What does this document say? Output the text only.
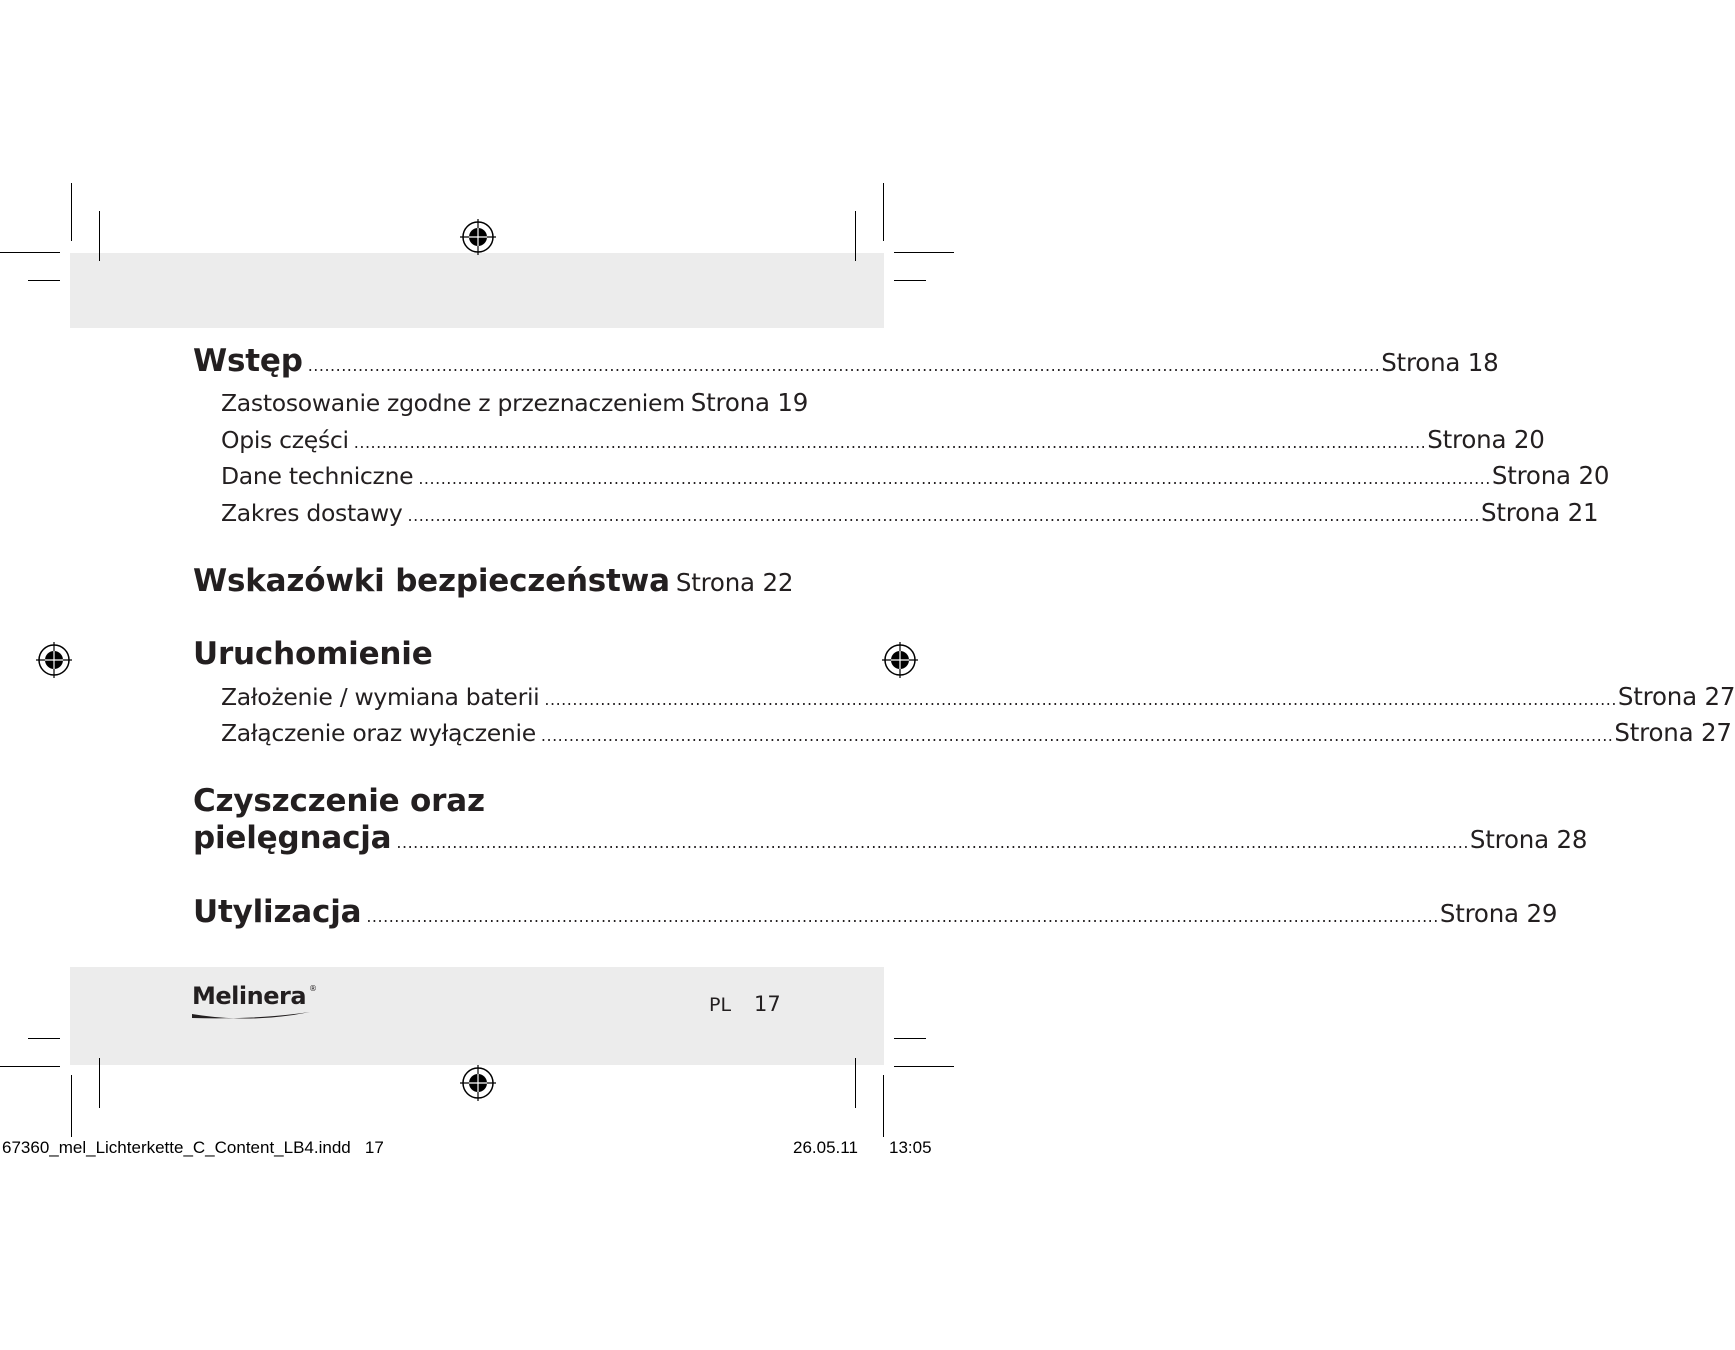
Wstęp .....	Strona 18
Zastosowanie zgodne z przeznaczeniem Strona 19
Opis części .....	Strona 20
Dane techniczne .....	Strona 20
Zakres dostawy .....	Strona 21
Wskazówki bezpieczeństwa Strona 22
Uruchomienie
Założenie / wymiana baterii .....	Strona 27
Załączenie oraz wyłączenie .....	Strona 27
Czyszczenie oraz
pielęgnacja .....	Strona 28
Utylizacja .....	Strona 29
Melinera ®
PL 17
67360_mel_Lichterkette_C_Content_LB4.indd   17	26.05.11 13:05
